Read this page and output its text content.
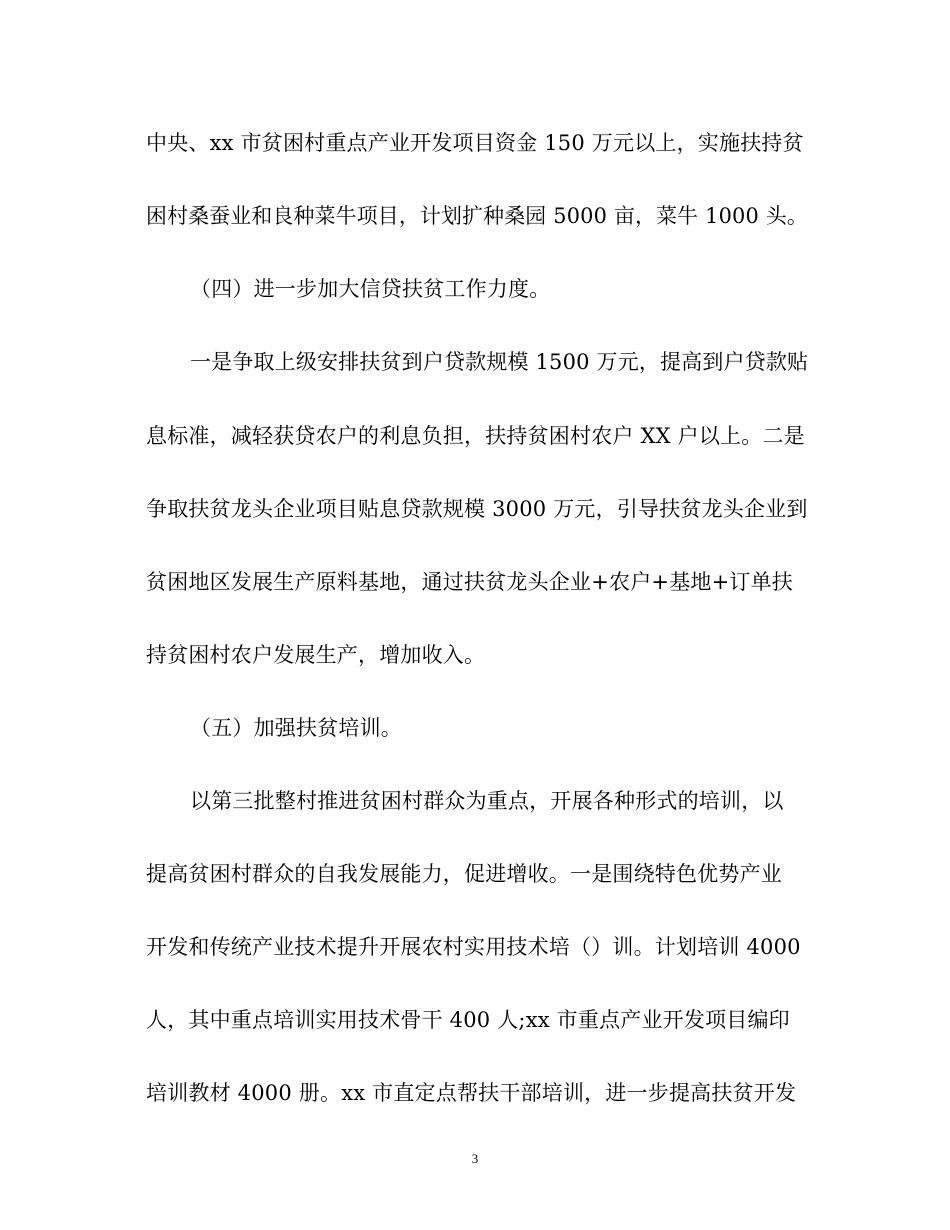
中央、xx 市贫困村重点产业开发项目资金 150 万元以上，实施扶持贫
困村桑蚕业和良种菜牛项目，计划扩种桑园 5000 亩，菜牛 1000 头。
（四）进一步加大信贷扶贫工作力度。
一是争取上级安排扶贫到户贷款规模 1500 万元，提高到户贷款贴
息标准，减轻获贷农户的利息负担，扶持贫困村农户 XX 户以上。二是
争取扶贫龙头企业项目贴息贷款规模 3000 万元，引导扶贫龙头企业到
贫困地区发展生产原料基地，通过扶贫龙头企业+农户+基地+订单扶
持贫困村农户发展生产，增加收入。
（五）加强扶贫培训。
以第三批整村推进贫困村群众为重点，开展各种形式的培训，以
提高贫困村群众的自我发展能力，促进增收。一是围绕特色优势产业
开发和传统产业技术提升开展农村实用技术培（）训。计划培训 4000
人，其中重点培训实用技术骨干 400 人;xx 市重点产业开发项目编印
培训教材 4000 册。xx 市直定点帮扶干部培训，进一步提高扶贫开发
3
